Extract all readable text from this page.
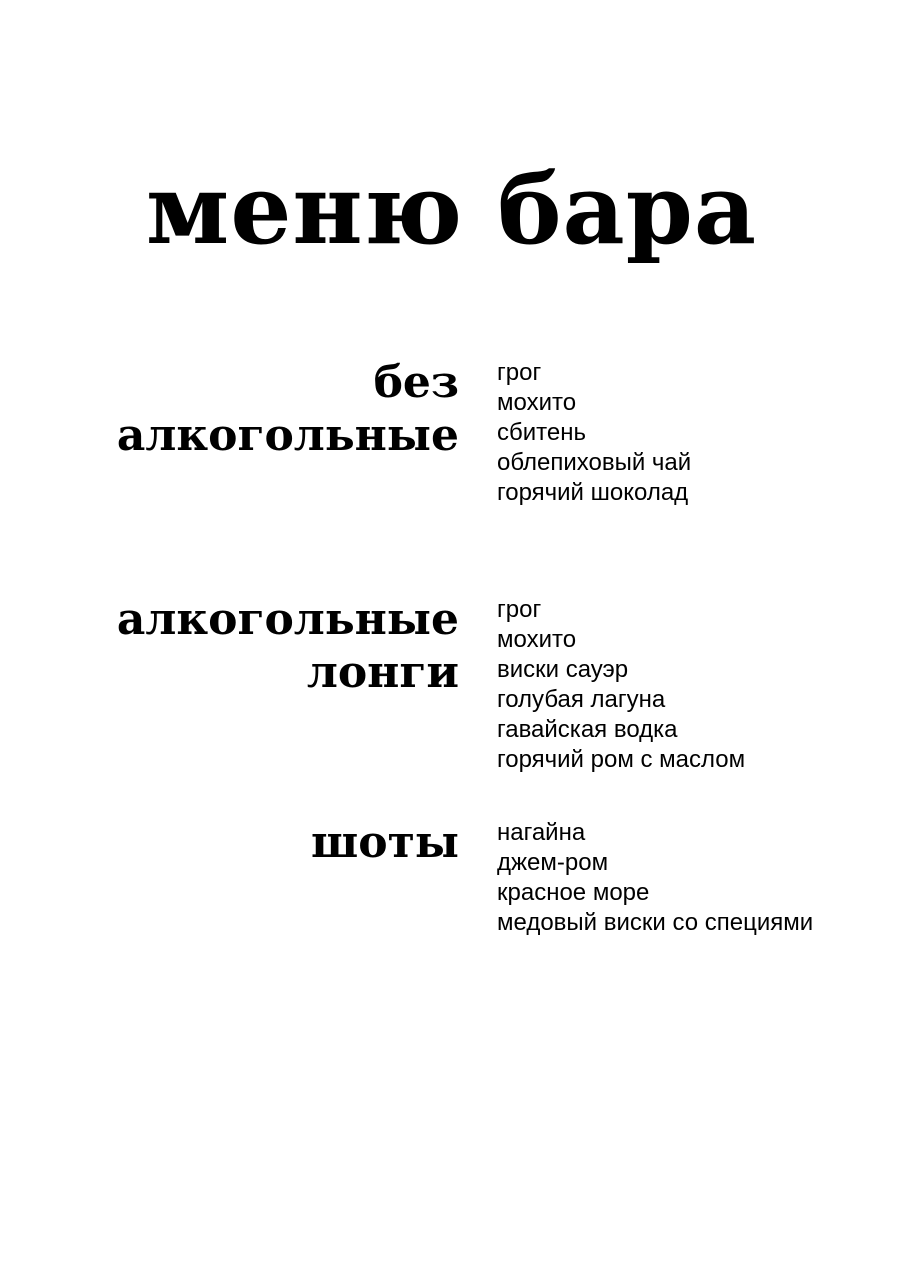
меню бара
без
алкогольные
грог
мохито
сбитень
облепиховый чай
горячий шоколад
алкогольные
лонги
грог
мохито
виски сауэр
голубая лагуна
гавайская водка
горячий ром с маслом
шоты нагайна
джем-ром
красное море
медовый виски со специями
